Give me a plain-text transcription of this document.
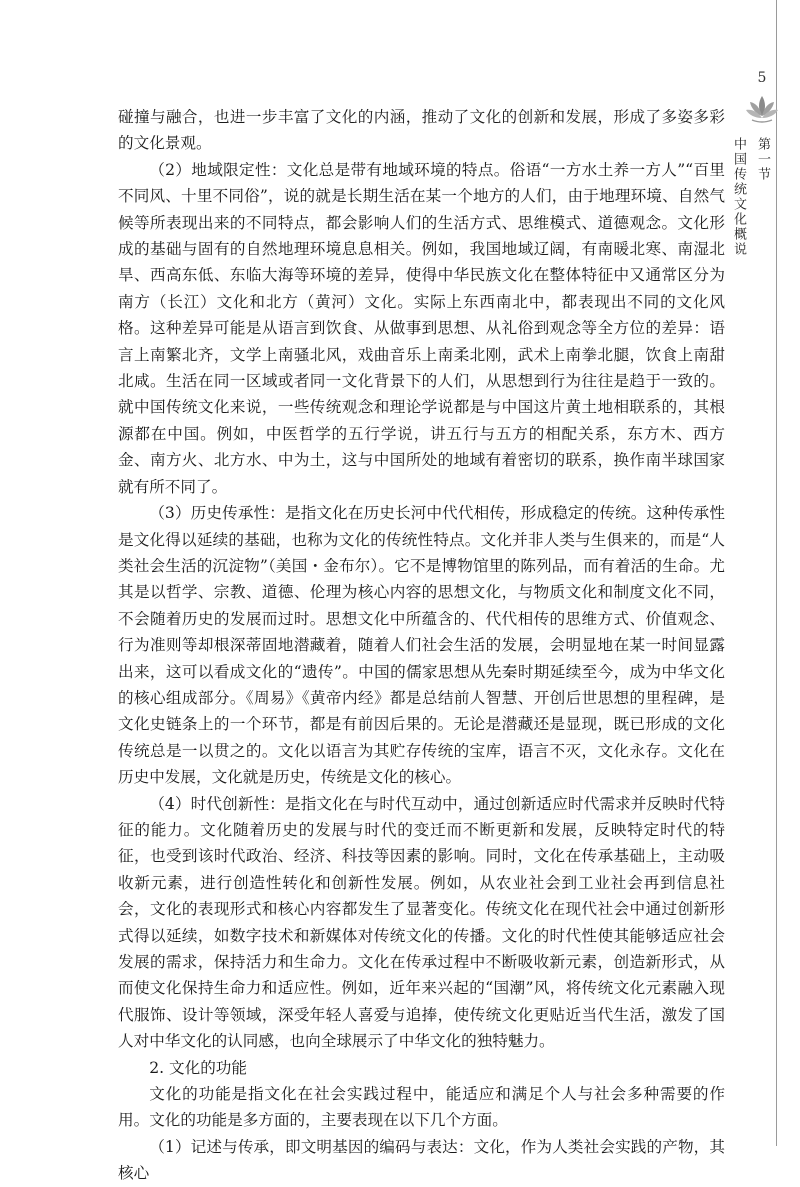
5
第一节
中国传统文化概说

碰撞与融合，也进一步丰富了文化的内涵，推动了文化的创新和发展，形成了多姿多彩的文化景观。

（2）地域限定性：文化总是带有地域环境的特点。俗语“一方水土养一方人”“百里不同风、十里不同俗”，说的就是长期生活在某一个地方的人们，由于地理环境、自然气候等所表现出来的不同特点，都会影响人们的生活方式、思维模式、道德观念。文化形成的基础与固有的自然地理环境息息相关。例如，我国地域辽阔，有南暖北寒、南湿北旱、西高东低、东临大海等环境的差异，使得中华民族文化在整体特征中又通常区分为南方（长江）文化和北方（黄河）文化。实际上东西南北中，都表现出不同的文化风格。这种差异可能是从语言到饮食、从做事到思想、从礼俗到观念等全方位的差异：语言上南繁北齐，文学上南骚北风，戏曲音乐上南柔北刚，武术上南拳北腿，饮食上南甜北咸。生活在同一区域或者同一文化背景下的人们，从思想到行为往往是趋于一致的。就中国传统文化来说，一些传统观念和理论学说都是与中国这片黄土地相联系的，其根源都在中国。例如，中医哲学的五行学说，讲五行与五方的相配关系，东方木、西方金、南方火、北方水、中为土，这与中国所处的地域有着密切的联系，换作南半球国家就有所不同了。

（3）历史传承性：是指文化在历史长河中代代相传，形成稳定的传统。这种传承性是文化得以延续的基础，也称为文化的传统性特点。文化并非人类与生俱来的，而是“人类社会生活的沉淀物”（美国・金布尔）。它不是博物馆里的陈列品，而有着活的生命。尤其是以哲学、宗教、道德、伦理为核心内容的思想文化，与物质文化和制度文化不同，不会随着历史的发展而过时。思想文化中所蕴含的、代代相传的思维方式、价值观念、行为准则等却根深蒂固地潜藏着，随着人们社会生活的发展，会明显地在某一时间显露出来，这可以看成文化的“遗传”。中国的儒家思想从先秦时期延续至今，成为中华文化的核心组成部分。《周易》《黄帝内经》都是总结前人智慧、开创后世思想的里程碑，是文化史链条上的一个环节，都是有前因后果的。无论是潜藏还是显现，既已形成的文化传统总是一以贯之的。文化以语言为其贮存传统的宝库，语言不灭，文化永存。文化在历史中发展，文化就是历史，传统是文化的核心。

（4）时代创新性：是指文化在与时代互动中，通过创新适应时代需求并反映时代特征的能力。文化随着历史的发展与时代的变迁而不断更新和发展，反映特定时代的特征，也受到该时代政治、经济、科技等因素的影响。同时，文化在传承基础上，主动吸收新元素，进行创造性转化和创新性发展。例如，从农业社会到工业社会再到信息社会，文化的表现形式和核心内容都发生了显著变化。传统文化在现代社会中通过创新形式得以延续，如数字技术和新媒体对传统文化的传播。文化的时代性使其能够适应社会发展的需求，保持活力和生命力。文化在传承过程中不断吸收新元素，创造新形式，从而使文化保持生命力和适应性。例如，近年来兴起的“国潮”风，将传统文化元素融入现代服饰、设计等领域，深受年轻人喜爱与追捧，使传统文化更贴近当代生活，激发了国人对中华文化的认同感，也向全球展示了中华文化的独特魅力。

2. 文化的功能

文化的功能是指文化在社会实践过程中，能适应和满足个人与社会多种需要的作用。文化的功能是多方面的，主要表现在以下几个方面。

（1）记述与传承，即文明基因的编码与表达：文化，作为人类社会实践的产物，其核心
